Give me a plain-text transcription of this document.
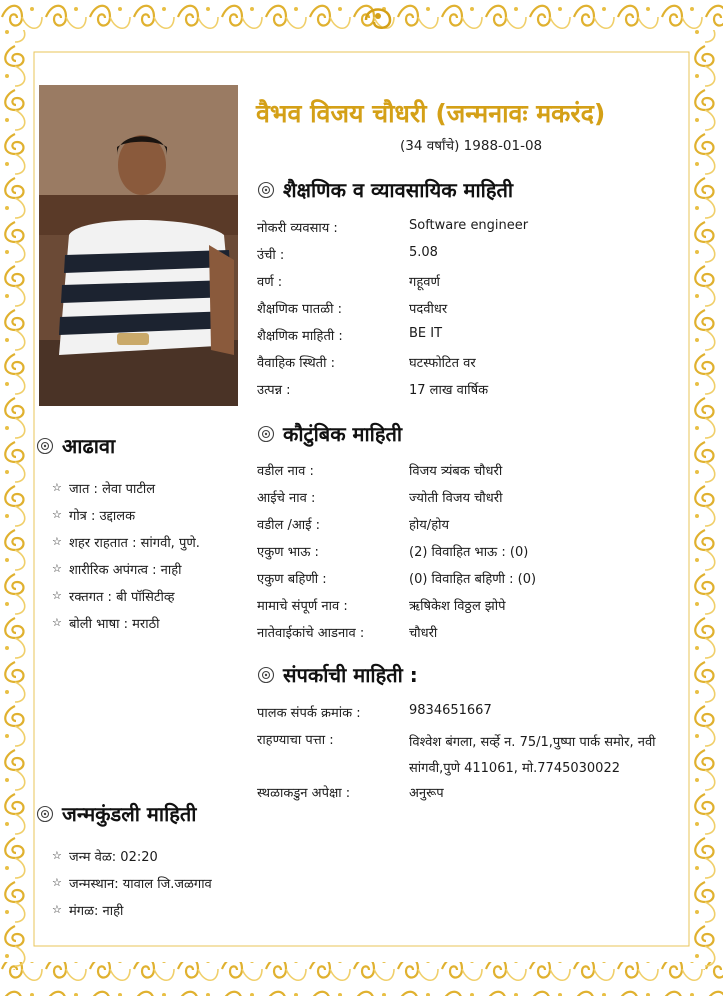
वैभव विजय चौधरी (जन्मनावः मकरंद)
(34 वर्षांचे) 1988-01-08
शैक्षणिक व व्यावसायिक माहिती
नोकरी व्यवसाय :	Software engineer
उंची :	5.08
वर्ण :	गहूवर्ण
शैक्षणिक पातळी :	पदवीधर
शैक्षणिक माहिती :	BE IT
वैवाहिक स्थिती :	घटस्फोटित वर
उत्पन्न :	17 लाख वार्षिक
कौटुंबिक माहिती
वडील नाव :	विजय त्र्यंबक चौधरी
आईचे नाव :	ज्योती विजय चौधरी
वडील /आई :	होय/होय
एकुण भाऊ :	(2) विवाहित भाऊ : (0)
एकुण बहिणी :	(0) विवाहित बहिणी : (0)
मामाचे संपूर्ण नाव :	ऋषिकेश विठ्ठल झोपे
नातेवाईकांचे आडनाव :	चौधरी
संपर्काची माहिती :
पालक संपर्क क्रमांक :	9834651667
राहण्याचा पत्ता :	विश्वेश बंगला, सर्व्हे न. 75/1,पुष्पा पार्क समोर, नवी
सांगवी,पुणे 411061, मो.7745030022
स्थळाकडुन अपेक्षा :	अनुरूप
आढावा
☆ जात : लेवा पाटील
☆ गोत्र : उद्दालक
☆ शहर राहतात : सांगवी, पुणे.
☆ शारीरिक अपंगत्व : नाही
☆ रक्तगत : बी पॉसिटीव्ह
☆ बोली भाषा : मराठी
जन्मकुंडली माहिती
☆ जन्म वेळ: 02:20
☆ जन्मस्थान: यावाल जि.जळगाव
☆ मंगळ: नाही
